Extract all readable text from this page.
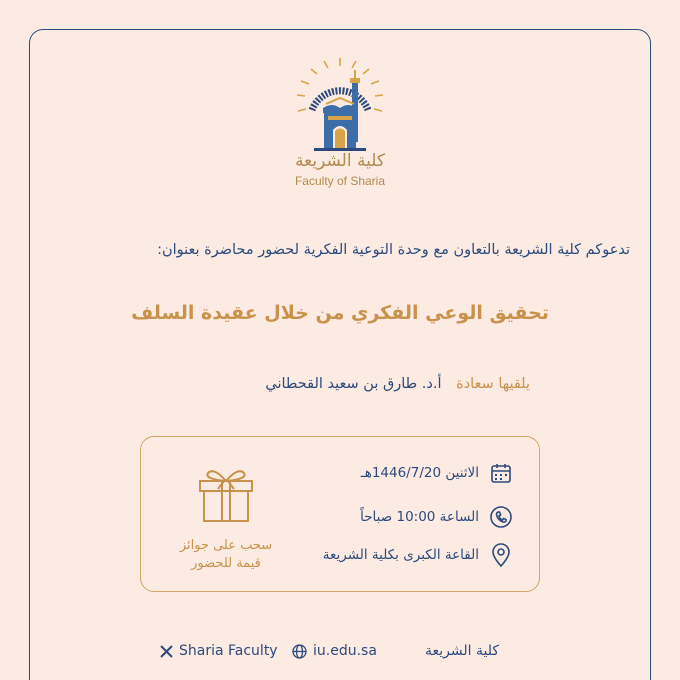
كلية الشريعة
Faculty of Sharia
تدعوكم كلية الشريعة بالتعاون مع وحدة التوعية الفكرية لحضور محاضرة بعنوان:
تحقيق الوعي الفكري من خلال عقيدة السلف
يلقيها سعادة أ.د. طارق بن سعيد القحطاني
الاثنين 1446/7/20هـ
الساعة 10:00 صباحاً
القاعة الكبرى بكلية الشريعة
سحب على جوائز
قيمة للحضور
Sharia Faculty	iu.edu.sa	كلية الشريعة
